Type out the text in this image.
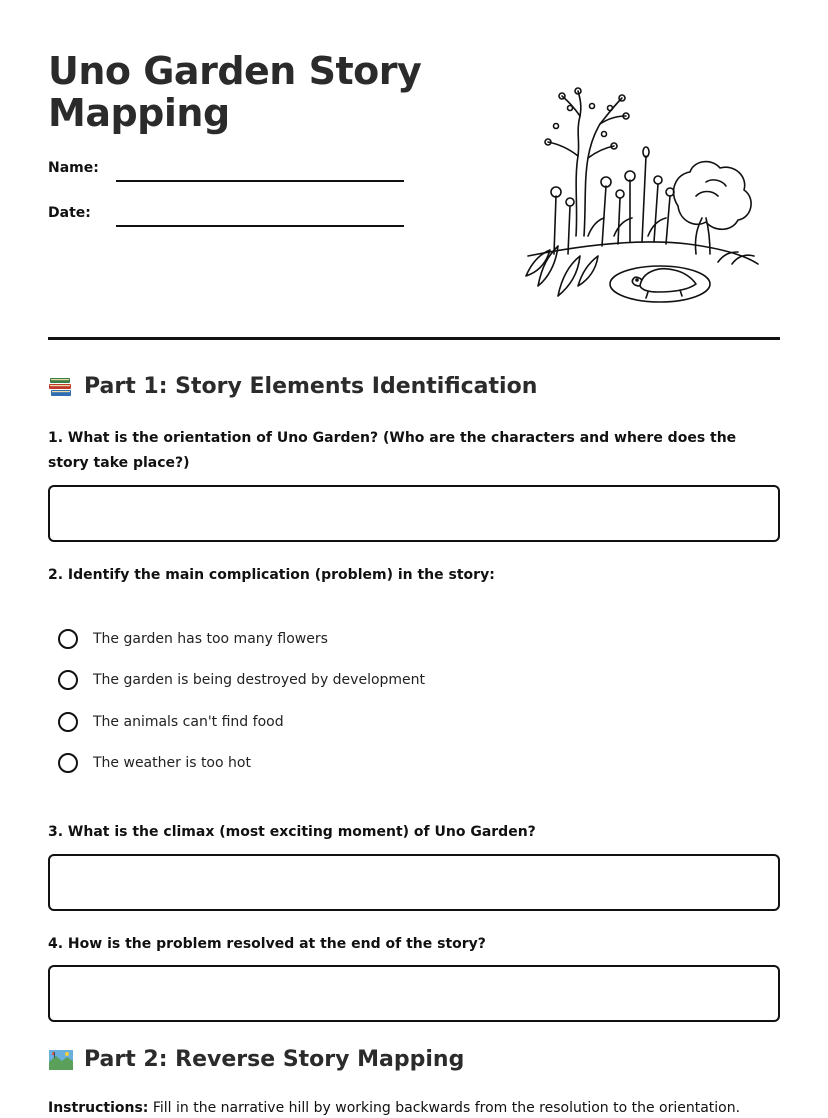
Uno Garden Story Mapping
Name:
Date:
Part 1: Story Elements Identification

1. What is the orientation of Uno Garden? (Who are the characters and where does the story take place?)

2. Identify the main complication (problem) in the story:

The garden has too many flowers
The garden is being destroyed by development
The animals can't find food
The weather is too hot

3. What is the climax (most exciting moment) of Uno Garden?

4. How is the problem resolved at the end of the story?

Part 2: Reverse Story Mapping

Instructions: Fill in the narrative hill by working backwards from the resolution to the orientation.
